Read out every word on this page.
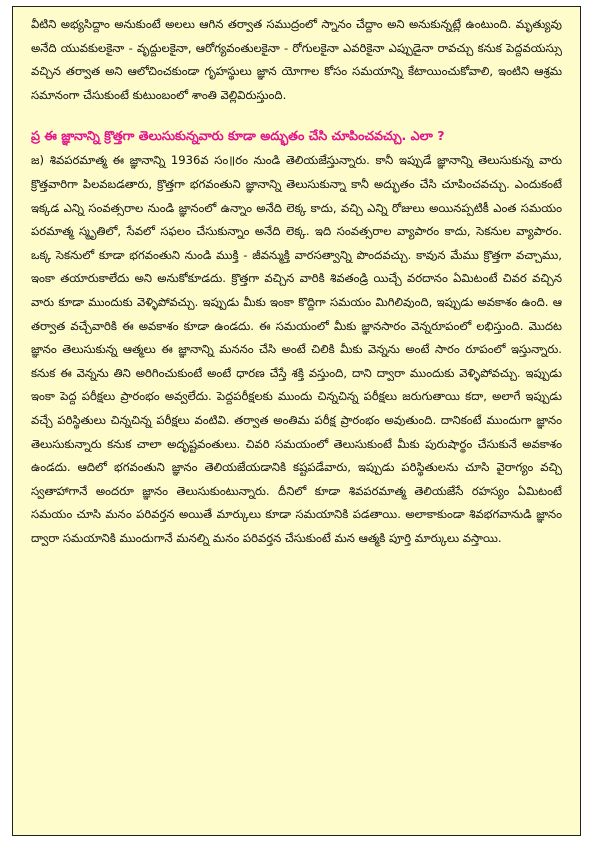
వీటిని అభ్యసిద్దాం అనుకుంటే అలలు ఆగిన తర్వాత సముద్రంలో స్నానం చేద్దాం అని అనుకున్నట్లే ఉంటుంది. మృత్యువు అనేది యువకులకైనా - వృద్దులకైనా, ఆరోగ్యవంతులకైనా - రోగులకైనా ఎవరికైనా ఎప్పుడైనా రావచ్చు కనుక పెద్దవయస్సు వచ్చిన తర్వాత అని ఆలోచించకుండా గృహస్థులు జ్ఞాన యోగాల కోసం సమయాన్ని కేటాయించుకోవాలి, ఇంటిని ఆశ్రమ సమానంగా చేసుకుంటే కుటుంబంలో శాంతి వెల్లివిరుస్తుంది.

ప్ర ఈ జ్ఞానాన్ని క్రొత్తగా తెలుసుకున్నవారు కూడా అద్భుతం చేసి చూపించవచ్చు. ఎలా ?

జ) శివపరమాత్మ ఈ జ్ఞానాన్ని 1936వ సం॥రం నుండి తెలియజేస్తున్నారు. కానీ ఇప్పుడే జ్ఞానాన్ని తెలుసుకున్న వారు క్రొత్తవారిగా పిలవబడతారు, క్రొత్తగా భగవంతుని జ్ఞానాన్ని తెలుసుకున్నా కానీ అద్భుతం చేసి చూపించవచ్చు. ఎందుకంటే ఇక్కడ ఎన్ని సంవత్సరాల నుండి జ్ఞానంలో ఉన్నాం అనేది లెక్క కాదు, వచ్చి ఎన్ని రోజులు అయినప్పటికీ ఎంత సమయం పరమాత్మ స్మృతిలో, సేవలో సఫలం చేసుకున్నాం అనేది లెక్క. ఇది సంవత్సరాల వ్యాపారం కాదు, సెకనుల వ్యాపారం. ఒక్క సెకనులో కూడా భగవంతుని నుండి ముక్తి - జీవన్ముక్తి వారసత్వాన్ని పొందవచ్చు. కావున మేము క్రొత్తగా వచ్చాము, ఇంకా తయారుకాలేదు అని అనుకోకూడదు. క్రొత్తగా వచ్చిన వారికి శివతండ్రి యిచ్చే వరదానం ఏమిటంటే చివర వచ్చిన వారు కూడా ముందుకు వెళ్ళిపోవచ్చు. ఇప్పుడు మీకు ఇంకా కొద్దిగా సమయం మిగిలివుంది, ఇప్పుడు అవకాశం ఉంది. ఆ తర్వాత వచ్చేవారికి ఈ అవకాశం కూడా ఉండదు. ఈ సమయంలో మీకు జ్ఞానసారం వెన్నరూపంలో లభిస్తుంది. మొదట జ్ఞానం తెలుసుకున్న ఆత్మలు ఈ జ్ఞానాన్ని మననం చేసి అంటే చిలికి మీకు వెన్నను అంటే సారం రూపంలో ఇస్తున్నారు. కనుక ఈ వెన్నను తిని అరిగించుకుంటే అంటే ధారణ చేస్తే శక్తి వస్తుంది, దాని ద్వారా ముందుకు వెళ్ళిపోవచ్చు. ఇప్పుడు ఇంకా పెద్ద పరీక్షలు ప్రారంభం అవ్వలేదు. పెద్దపరీక్షలకు ముందు చిన్నచిన్న పరీక్షలు జరుగుతాయి కదా, అలాగే ఇప్పుడు వచ్చే పరిస్థితులు చిన్నచిన్న పరీక్షలు వంటివి. తర్వాత అంతిమ పరీక్ష ప్రారంభం అవుతుంది. దానికంటే ముందుగా జ్ఞానం తెలుసుకున్నారు కనుక చాలా అదృష్టవంతులు. చివరి సమయంలో తెలుసుకుంటే మీకు పురుషార్థం చేసుకునే అవకాశం ఉండదు. ఆదిలో భగవంతుని జ్ఞానం తెలియజేయడానికి కష్టపడేవారు, ఇప్పుడు పరిస్థితులను చూసి వైరాగ్యం వచ్చి స్వతాహాగానే అందరూ జ్ఞానం తెలుసుకుంటున్నారు. దీనిలో కూడా శివపరమాత్మ తెలియజేసే రహస్యం ఏమిటంటే సమయం చూసి మనం పరివర్తన అయితే మార్కులు కూడా సమయానికి పడతాయి. అలాకాకుండా శివభగవానుడి జ్ఞానం ద్వారా సమయానికి ముందుగానే మనల్ని మనం పరివర్తన చేసుకుంటే మన ఆత్మకి పూర్తి మార్కులు వస్తాయి.
